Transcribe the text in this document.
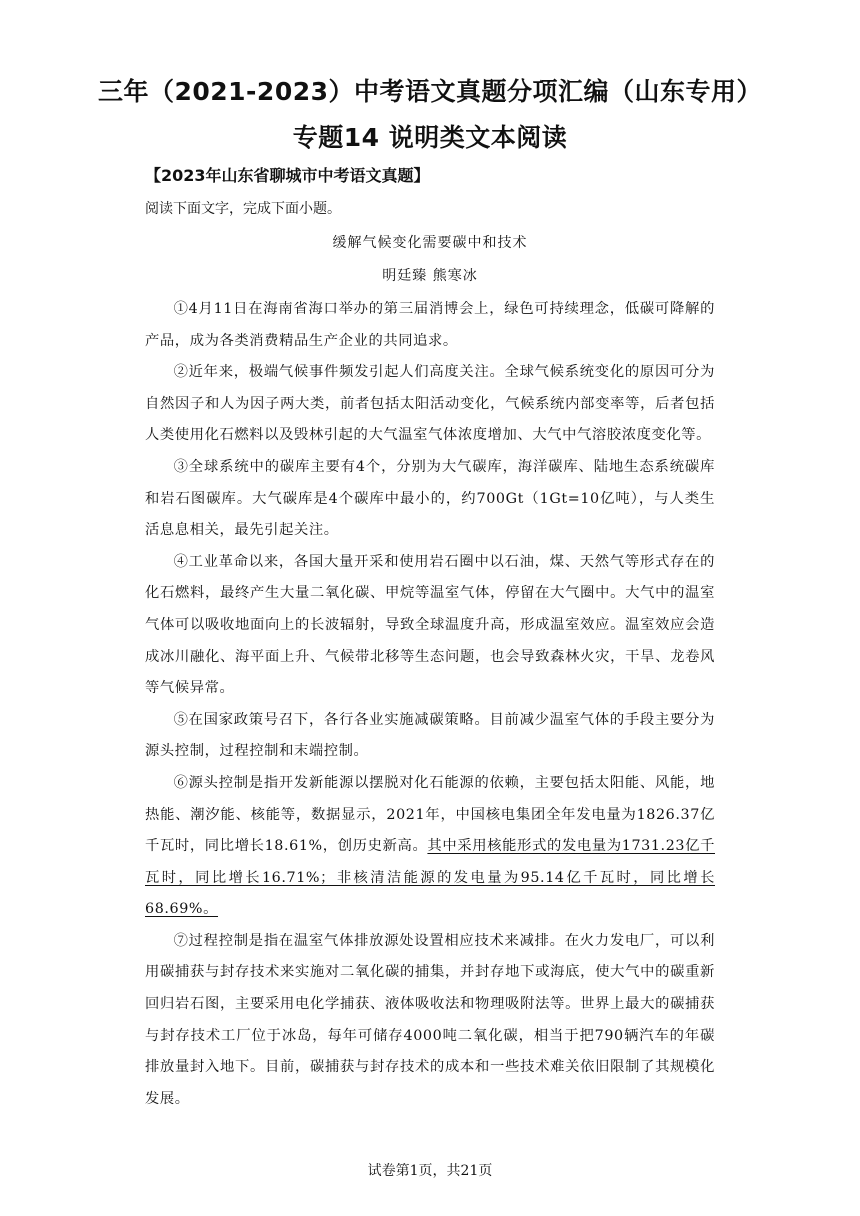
三年（2021-2023）中考语文真题分项汇编（山东专用）
专题14 说明类文本阅读
【2023年山东省聊城市中考语文真题】
阅读下面文字，完成下面小题。
缓解气候变化需要碳中和技术
明廷臻 熊寒冰

①4月11日在海南省海口举办的第三届消博会上，绿色可持续理念，低碳可降解的产品，成为各类消费精品生产企业的共同追求。

②近年来，极端气候事件频发引起人们高度关注。全球气候系统变化的原因可分为自然因子和人为因子两大类，前者包括太阳活动变化，气候系统内部变率等，后者包括人类使用化石燃料以及毁林引起的大气温室气体浓度增加、大气中气溶胶浓度变化等。

③全球系统中的碳库主要有4个，分别为大气碳库，海洋碳库、陆地生态系统碳库和岩石图碳库。大气碳库是4个碳库中最小的，约700Gt（1Gt=10亿吨），与人类生活息息相关，最先引起关注。

④工业革命以来，各国大量开采和使用岩石圈中以石油，煤、天然气等形式存在的化石燃料，最终产生大量二氧化碳、甲烷等温室气体，停留在大气圈中。大气中的温室气体可以吸收地面向上的长波辐射，导致全球温度升高，形成温室效应。温室效应会造成冰川融化、海平面上升、气候带北移等生态问题，也会导致森林火灾，干旱、龙卷风等气候异常。

⑤在国家政策号召下，各行各业实施减碳策略。目前减少温室气体的手段主要分为源头控制，过程控制和末端控制。

⑥源头控制是指开发新能源以摆脱对化石能源的依赖，主要包括太阳能、风能，地热能、潮汐能、核能等，数据显示，2021年，中国核电集团全年发电量为1826.37亿千瓦时，同比增长18.61%，创历史新高。其中采用核能形式的发电量为1731.23亿千瓦时，同比增长16.71%；非核清洁能源的发电量为95.14亿千瓦时，同比增长68.69%。

⑦过程控制是指在温室气体排放源处设置相应技术来减排。在火力发电厂，可以利用碳捕获与封存技术来实施对二氧化碳的捕集，并封存地下或海底，使大气中的碳重新回归岩石图，主要采用电化学捕获、液体吸收法和物理吸附法等。世界上最大的碳捕获与封存技术工厂位于冰岛，每年可储存4000吨二氧化碳，相当于把790辆汽车的年碳排放量封入地下。目前，碳捕获与封存技术的成本和一些技术难关依旧限制了其规模化发展。

试卷第1页，共21页
